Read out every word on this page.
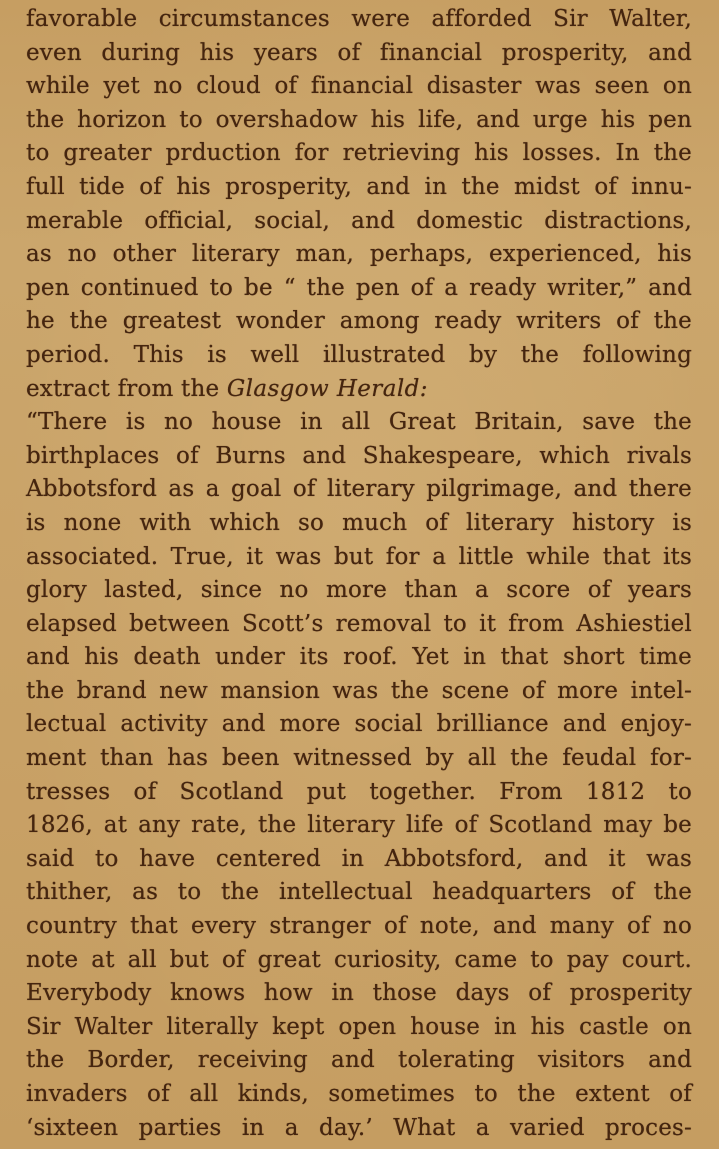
favorable circumstances were afforded Sir Walter,
even during his years of financial prosperity, and
while yet no cloud of financial disaster was seen on
the horizon to overshadow his life, and urge his pen
to greater prduction for retrieving his losses. In the
full tide of his prosperity, and in the midst of innu-
merable official, social, and domestic distractions,
as no other literary man, perhaps, experienced, his
pen continued to be “ the pen of a ready writer,” and
he the greatest wonder among ready writers of the
period. This is well illustrated by the following
extract from the Glasgow Herald:
“There is no house in all Great Britain, save the
birthplaces of Burns and Shakespeare, which rivals
Abbotsford as a goal of literary pilgrimage, and there
is none with which so much of literary history is
associated. True, it was but for a little while that its
glory lasted, since no more than a score of years
elapsed between Scott’s removal to it from Ashiestiel
and his death under its roof. Yet in that short time
the brand new mansion was the scene of more intel-
lectual activity and more social brilliance and enjoy-
ment than has been witnessed by all the feudal for-
tresses of Scotland put together. From 1812 to
1826, at any rate, the literary life of Scotland may be
said to have centered in Abbotsford, and it was
thither, as to the intellectual headquarters of the
country that every stranger of note, and many of no
note at all but of great curiosity, came to pay court.
Everybody knows how in those days of prosperity
Sir Walter literally kept open house in his castle on
the Border, receiving and tolerating visitors and
invaders of all kinds, sometimes to the extent of
‘sixteen parties in a day.’ What a varied proces-
